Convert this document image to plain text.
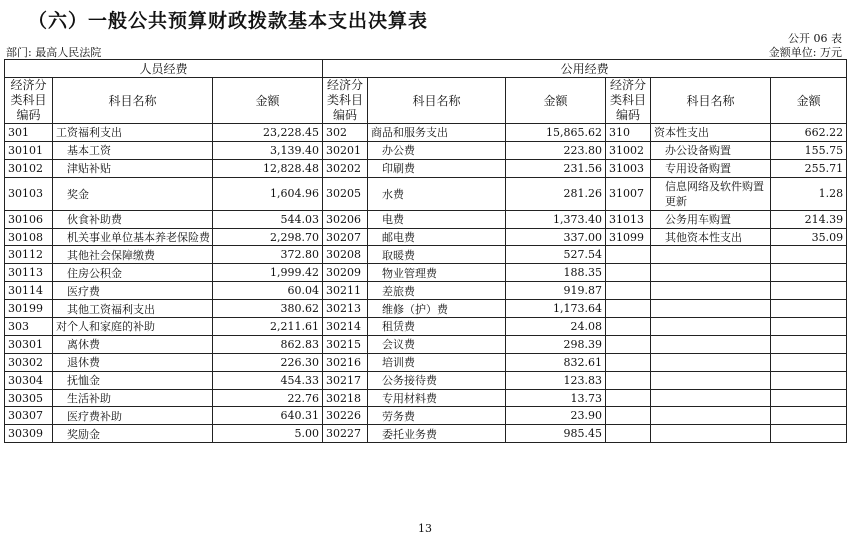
（六）一般公共预算财政拨款基本支出决算表
公开 06 表
部门: 最高人民法院	金额单位: 万元
人员经费			公用经费					
经济分类科目编码	科目名称	金额	经济分类科目编码	科目名称	金额	经济分类科目编码	科目名称	金额
301	工资福利支出	23,228.45	302	商品和服务支出	15,865.62	310	资本性支出	662.22
30101	基本工资	3,139.40	30201	办公费	223.80	31002	办公设备购置	155.75
30102	津贴补贴	12,828.48	30202	印刷费	231.56	31003	专用设备购置	255.71
30103	奖金	1,604.96	30205	水费	281.26	31007	信息网络及软件购置更新	1.28
30106	伙食补助费	544.03	30206	电费	1,373.40	31013	公务用车购置	214.39
30108	机关事业单位基本养老保险费	2,298.70	30207	邮电费	337.00	31099	其他资本性支出	35.09
30112	其他社会保障缴费	372.80	30208	取暖费	527.54			
30113	住房公积金	1,999.42	30209	物业管理费	188.35			
30114	医疗费	60.04	30211	差旅费	919.87			
30199	其他工资福利支出	380.62	30213	维修（护）费	1,173.64			
303	对个人和家庭的补助	2,211.61	30214	租赁费	24.08			
30301	离休费	862.83	30215	会议费	298.39			
30302	退休费	226.30	30216	培训费	832.61			
30304	抚恤金	454.33	30217	公务接待费	123.83			
30305	生活补助	22.76	30218	专用材料费	13.73			
30307	医疗费补助	640.31	30226	劳务费	23.90			
30309	奖励金	5.00	30227	委托业务费	985.45			
13
